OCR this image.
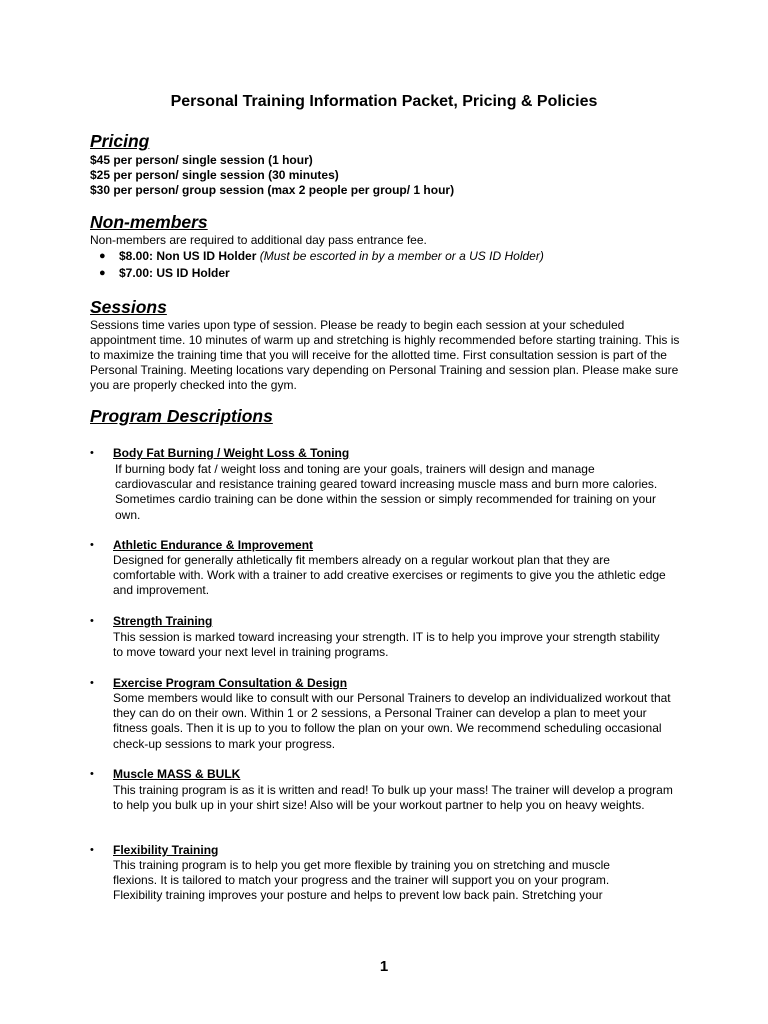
Personal Training Information Packet, Pricing & Policies
Pricing
$45 per person/ single session (1 hour)
$25 per person/ single session (30 minutes)
$30 per person/ group session (max 2 people per group/ 1 hour)
Non-members
Non-members are required to additional day pass entrance fee.
● $8.00: Non US ID Holder (Must be escorted in by a member or a US ID Holder)
● $7.00: US ID Holder
Sessions
Sessions time varies upon type of session. Please be ready to begin each session at your scheduled appointment time. 10 minutes of warm up and stretching is highly recommended before starting training. This is to maximize the training time that you will receive for the allotted time. First consultation session is part of the Personal Training. Meeting locations vary depending on Personal Training and session plan. Please make sure you are properly checked into the gym.
Program Descriptions
• Body Fat Burning / Weight Loss & Toning
If burning body fat / weight loss and toning are your goals, trainers will design and manage cardiovascular and resistance training geared toward increasing muscle mass and burn more calories. Sometimes cardio training can be done within the session or simply recommended for training on your own.
• Athletic Endurance & Improvement
Designed for generally athletically fit members already on a regular workout plan that they are comfortable with. Work with a trainer to add creative exercises or regiments to give you the athletic edge and improvement.
• Strength Training
This session is marked toward increasing your strength. IT is to help you improve your strength stability to move toward your next level in training programs.
• Exercise Program Consultation & Design
Some members would like to consult with our Personal Trainers to develop an individualized workout that they can do on their own. Within 1 or 2 sessions, a Personal Trainer can develop a plan to meet your fitness goals. Then it is up to you to follow the plan on your own. We recommend scheduling occasional check-up sessions to mark your progress.
• Muscle MASS & BULK
This training program is as it is written and read! To bulk up your mass! The trainer will develop a program to help you bulk up in your shirt size! Also will be your workout partner to help you on heavy weights.
• Flexibility Training
This training program is to help you get more flexible by training you on stretching and muscle flexions. It is tailored to match your progress and the trainer will support you on your program. Flexibility training improves your posture and helps to prevent low back pain. Stretching your
1
